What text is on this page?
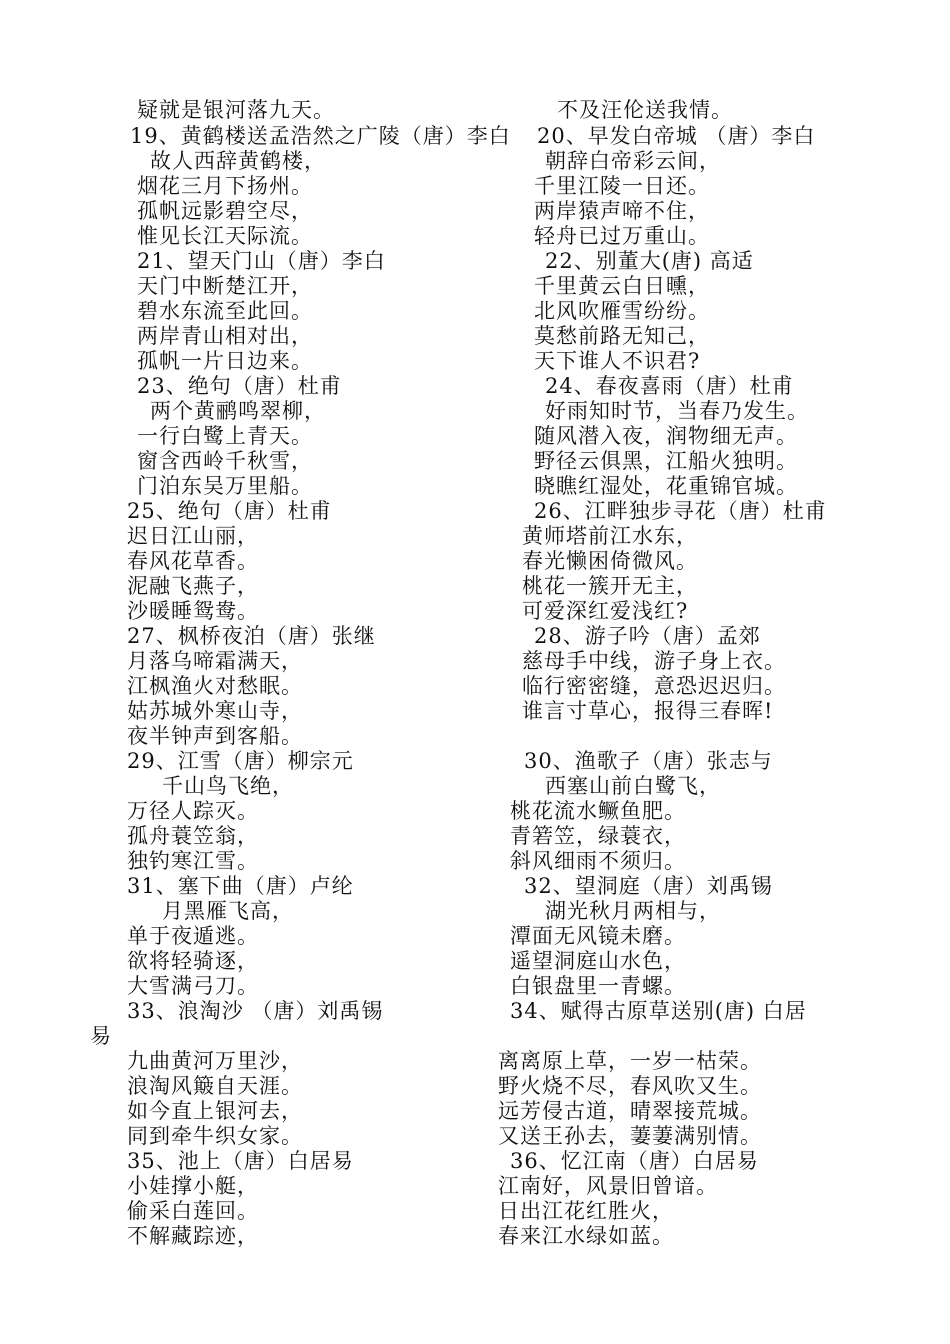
疑就是银河落九天。	不及汪伦送我情。
19、黄鹤楼送孟浩然之广陵（唐）李白 20、早发白帝城 （唐）李白
故人西辞黄鹤楼，	朝辞白帝彩云间，
烟花三月下扬州。	千里江陵一日还。
孤帆远影碧空尽，	两岸猿声啼不住，
惟见长江天际流。	轻舟已过万重山。
21、望天门山（唐）李白	22、别董大(唐) 高适
天门中断楚江开，	千里黄云白日曛，
碧水东流至此回。	北风吹雁雪纷纷。
两岸青山相对出，	莫愁前路无知己，
孤帆一片日边来。	天下谁人不识君?
23、绝句（唐）杜甫	24、春夜喜雨（唐）杜甫
两个黄鹂鸣翠柳，	好雨知时节，当春乃发生。
一行白鹭上青天。	随风潜入夜，润物细无声。
窗含西岭千秋雪，	野径云俱黑，江船火独明。
门泊东吴万里船。	晓瞧红湿处，花重锦官城。
25、绝句（唐）杜甫	26、江畔独步寻花（唐）杜甫
迟日江山丽，	黄师塔前江水东，
春风花草香。	春光懒困倚微风。
泥融飞燕子，	桃花一簇开无主，
沙暖睡鸳鸯。	可爱深红爱浅红?
27、枫桥夜泊（唐）张继	28、游子吟（唐）孟郊
月落乌啼霜满天，	慈母手中线，游子身上衣。
江枫渔火对愁眠。	临行密密缝，意恐迟迟归。
姑苏城外寒山寺，	谁言寸草心，报得三春晖!
夜半钟声到客船。
29、江雪（唐）柳宗元	30、渔歌子（唐）张志与
千山鸟飞绝，	西塞山前白鹭飞，
万径人踪灭。	桃花流水鳜鱼肥。
孤舟蓑笠翁，	青箬笠，绿蓑衣，
独钓寒江雪。	斜风细雨不须归。
31、塞下曲（唐）卢纶	32、望洞庭（唐）刘禹锡
月黑雁飞高，	湖光秋月两相与，
单于夜遁逃。	潭面无风镜未磨。
欲将轻骑逐，	遥望洞庭山水色，
大雪满弓刀。	白银盘里一青螺。
33、浪淘沙 （唐）刘禹锡	34、赋得古原草送别(唐) 白居
易
九曲黄河万里沙，	离离原上草，一岁一枯荣。
浪淘风簸自天涯。	野火烧不尽，春风吹又生。
如今直上银河去，	远芳侵古道，晴翠接荒城。
同到牵牛织女家。	又送王孙去，萋萋满别情。
35、池上（唐）白居易	36、忆江南（唐）白居易
小娃撑小艇，	江南好，风景旧曾谙。
偷采白莲回。	日出江花红胜火，
不解藏踪迹，	春来江水绿如蓝。
